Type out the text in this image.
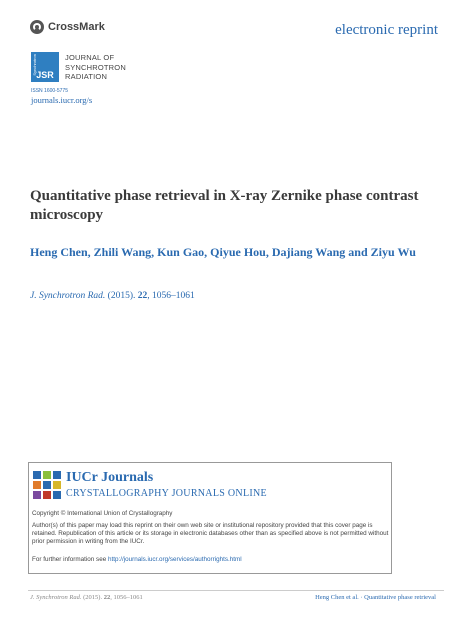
CrossMark	electronic reprint
Synchrotron JSR
JOURNAL OF
SYNCHROTRON
RADIATION
ISSN 1600-5775
journals.iucr.org/s
Quantitative phase retrieval in X-ray Zernike phase contrast microscopy
Heng Chen, Zhili Wang, Kun Gao, Qiyue Hou, Dajiang Wang and Ziyu Wu
J. Synchrotron Rad. (2015). 22, 1056–1061
IUCr Journals
CRYSTALLOGRAPHY JOURNALS ONLINE
Copyright © International Union of Crystallography
Author(s) of this paper may load this reprint on their own web site or institutional repository provided that this cover page is retained. Republication of this article or its storage in electronic databases other than as specified above is not permitted without prior permission in writing from the IUCr.
For further information see http://journals.iucr.org/services/authorrights.html
J. Synchrotron Rad. (2015). 22, 1056–1061	Heng Chen et al. · Quantitative phase retrieval
